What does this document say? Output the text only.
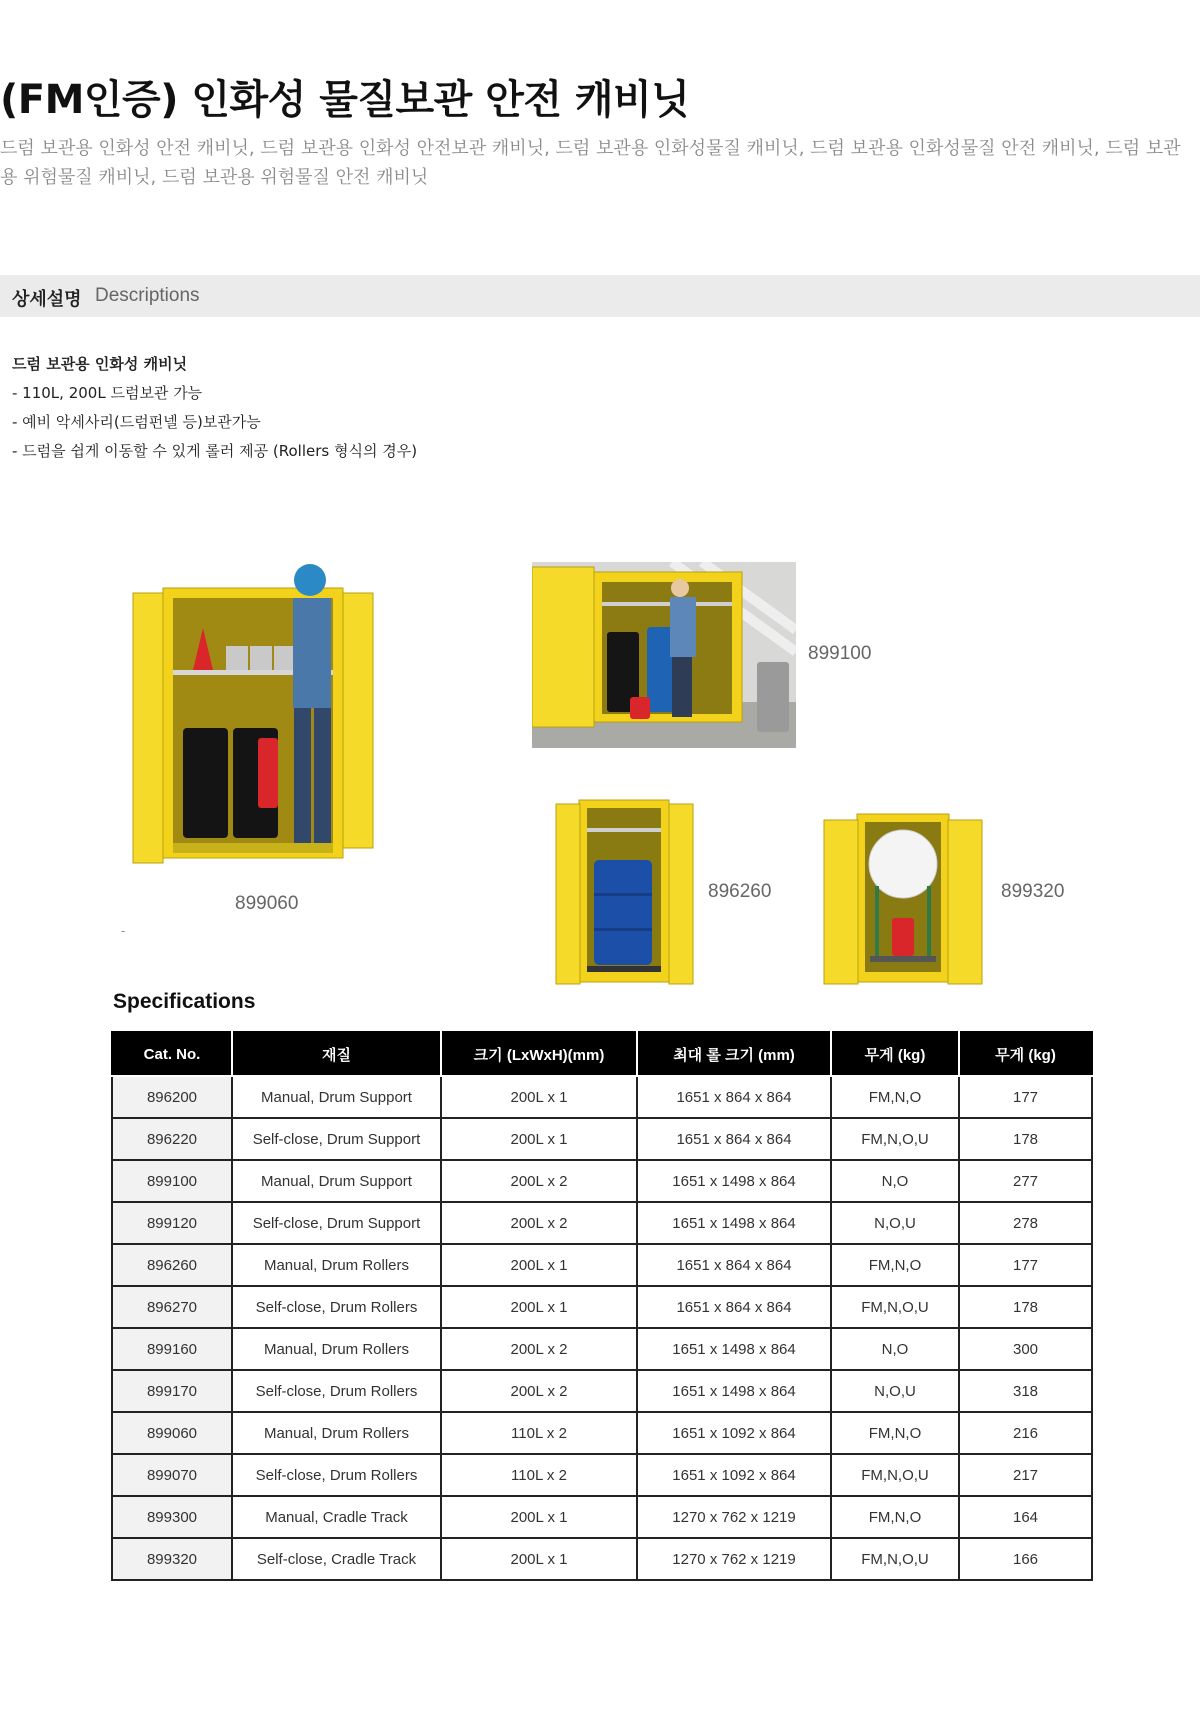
(FM인증) 인화성 물질보관 안전 캐비닛
드럼 보관용 인화성 안전 캐비닛, 드럼 보관용 인화성 안전보관 캐비닛, 드럼 보관용 인화성물질 캐비닛, 드럼 보관용 인화성물질 안전 캐비닛, 드럼 보관용 위험물질 캐비닛, 드럼 보관용 위험물질 안전 캐비닛
상세설명 Descriptions
드럼 보관용 인화성 캐비닛
- 110L, 200L 드럼보관 가능
- 예비 악세사리(드럼펀넬 등)보관가능
- 드럼을 쉽게 이동할 수 있게 롤러 제공 (Rollers 형식의 경우)
899060
-
899100
896260	899320
Specifications
Cat. No.	재질	크기 (LxWxH)(mm)	최대 롤 크기 (mm)	무게 (kg)	무게 (kg)
896200	Manual, Drum Support	200L x 1	1651 x 864 x 864	FM,N,O	177
896220	Self-close, Drum Support	200L x 1	1651 x 864 x 864	FM,N,O,U	178
899100	Manual, Drum Support	200L x 2	1651 x 1498 x 864	N,O	277
899120	Self-close, Drum Support	200L x 2	1651 x 1498 x 864	N,O,U	278
896260	Manual, Drum Rollers	200L x 1	1651 x 864 x 864	FM,N,O	177
896270	Self-close, Drum Rollers	200L x 1	1651 x 864 x 864	FM,N,O,U	178
899160	Manual, Drum Rollers	200L x 2	1651 x 1498 x 864	N,O	300
899170	Self-close, Drum Rollers	200L x 2	1651 x 1498 x 864	N,O,U	318
899060	Manual, Drum Rollers	110L x 2	1651 x 1092 x 864	FM,N,O	216
899070	Self-close, Drum Rollers	110L x 2	1651 x 1092 x 864	FM,N,O,U	217
899300	Manual, Cradle Track	200L x 1	1270 x 762 x 1219	FM,N,O	164
899320	Self-close, Cradle Track	200L x 1	1270 x 762 x 1219	FM,N,O,U	166
